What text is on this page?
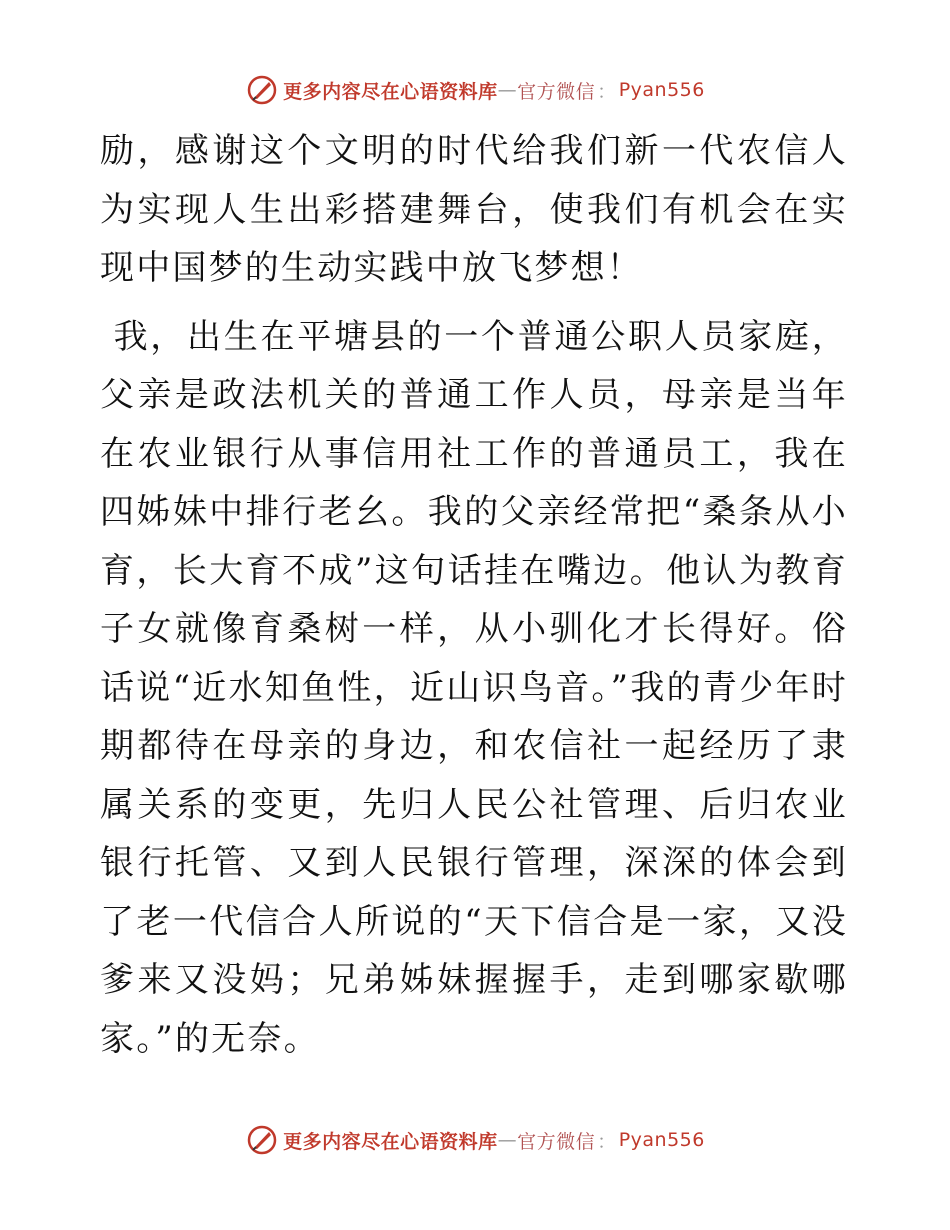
更多内容尽在心语资料库 — 官方微信 ： Pyan556

励，感谢这个文明的时代给我们新一代农信人为实现人生出彩搭建舞台，使我们有机会在实现中国梦的生动实践中放飞梦想！

我，出生在平塘县的一个普通公职人员家庭，父亲是政法机关的普通工作人员，母亲是当年在农业银行从事信用社工作的普通员工，我在四姊妹中排行老幺。我的父亲经常把“桑条从小育，长大育不成”这句话挂在嘴边。他认为教育子女就像育桑树一样，从小驯化才长得好。俗话说“近水知鱼性，近山识鸟音。”我的青少年时期都待在母亲的身边，和农信社一起经历了隶属关系的变更，先归人民公社管理、后归农业银行托管、又到人民银行管理，深深的体会到了老一代信合人所说的“天下信合是一家，又没爹来又没妈；兄弟姊妹握握手，走到哪家歇哪家。”的无奈。

更多内容尽在心语资料库 — 官方微信 ： Pyan556
